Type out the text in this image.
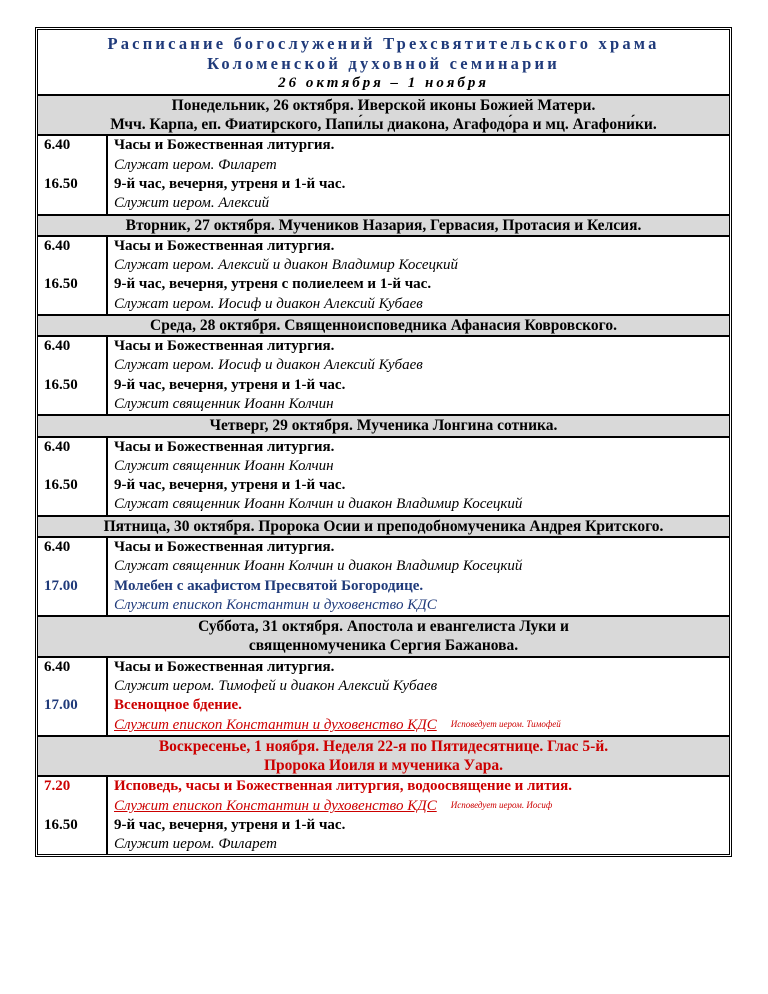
Расписание богослужений Трехсвятительского храма
Коломенской духовной семинарии
26 октября – 1 ноября
Понедельник, 26 октября. Иверской иконы Божией Матери.
Мчч. Карпа, еп. Фиатирского, Папи́лы диакона, Агафодо́ра и мц. Агафони́ки.
6.40
16.50
Часы и Божественная литургия.
Служат иером. Филарет
9-й час, вечерня, утреня и 1-й час.
Служит иером. Алексий
Вторник, 27 октября. Мучеников Назария, Гервасия, Протасия и Келсия.
6.40
16.50
Часы и Божественная литургия.
Служат иером. Алексий и диакон Владимир Косецкий
9-й час, вечерня, утреня с полиелеем и 1-й час.
Служат иером. Иосиф и диакон Алексий Кубаев
Среда, 28 октября. Священноисповедника Афанасия Ковровского.
6.40
16.50
Часы и Божественная литургия.
Служат иером. Иосиф и диакон Алексий Кубаев
9-й час, вечерня, утреня и 1-й час.
Служит священник Иоанн Колчин
Четверг, 29 октября. Мученика Лонгина сотника.
6.40
16.50
Часы и Божественная литургия.
Служит священник Иоанн Колчин
9-й час, вечерня, утреня и 1-й час.
Служат священник Иоанн Колчин и диакон Владимир Косецкий
Пятница, 30 октября. Пророка Осии и преподобномученика Андрея Критского.
6.40
17.00
Часы и Божественная литургия.
Служат священник Иоанн Колчин и диакон Владимир Косецкий
Молебен с акафистом Пресвятой Богородице.
Служит епископ Константин и духовенство КДС
Суббота, 31 октября. Апостола и евангелиста Луки и
священномученика Сергия Бажанова.
6.40
17.00
Часы и Божественная литургия.
Служит иером. Тимофей и диакон Алексий Кубаев
Всенощное бдение.
Служит епископ Константин и духовенство КДС Исповедует иером. Тимофей
Воскресенье, 1 ноября. Неделя 22-я по Пятидесятнице. Глас 5-й.
Пророка Иоиля и мученика Уара.
7.20
16.50
Исповедь, часы и Божественная литургия, водоосвящение и лития.
Служит епископ Константин и духовенство КДС Исповедует иером. Иосиф
9-й час, вечерня, утреня и 1-й час.
Служит иером. Филарет
